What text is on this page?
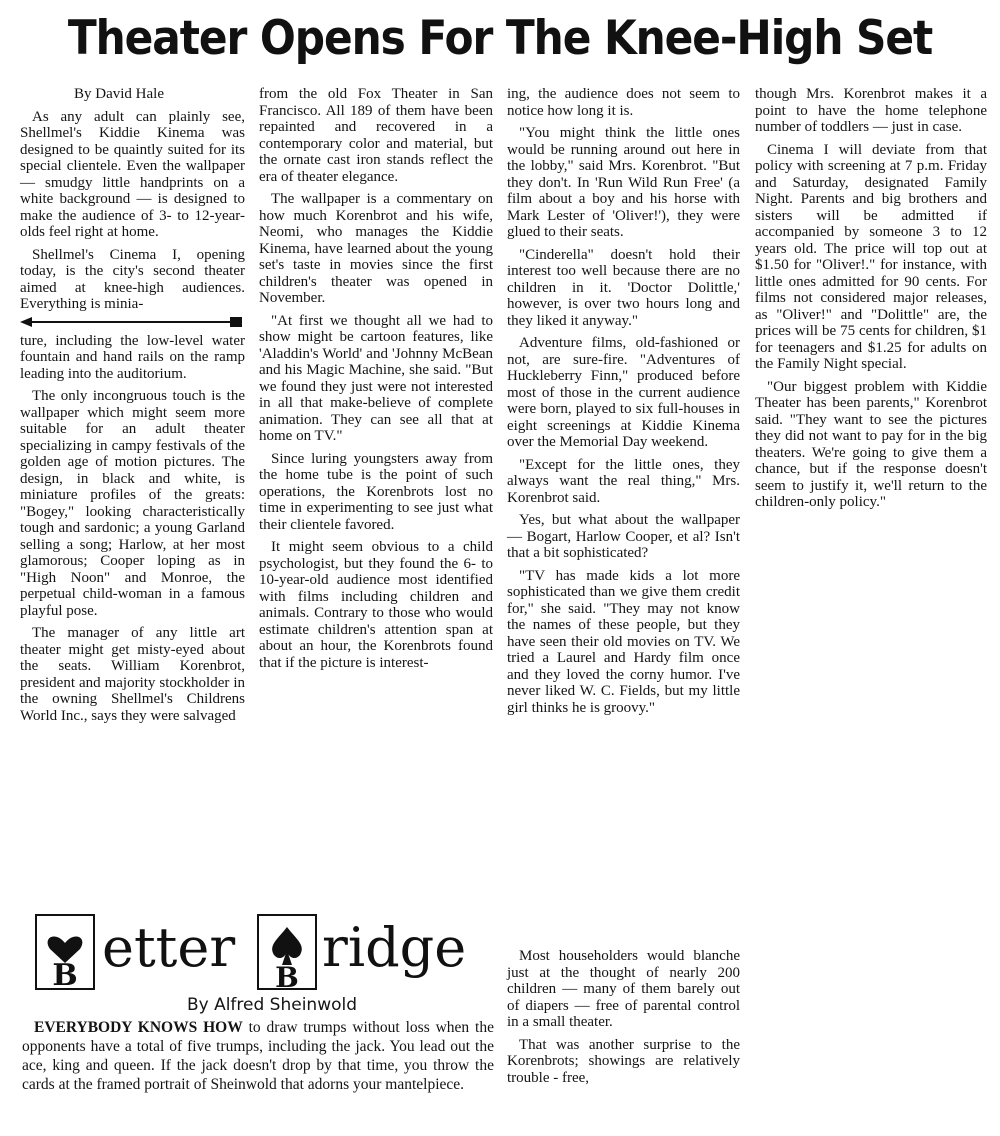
Theater Opens For The Knee-High Set

By David Hale

As any adult can plainly see, Shellmel's Kiddie Kinema was designed to be quaintly suited for its special clientele. Even the wallpaper — smudgy little handprints on a white background — is designed to make the audience of 3- to 12-year-olds feel right at home.

Shellmel's Cinema I, opening today, is the city's second theater aimed at knee-high audiences. Everything is minia-

ture, including the low-level water fountain and hand rails on the ramp leading into the auditorium.

The only incongruous touch is the wallpaper which might seem more suitable for an adult theater specializing in campy festivals of the golden age of motion pictures. The design, in black and white, is miniature profiles of the greats: "Bogey," looking characteristically tough and sardonic; a young Garland selling a song; Harlow, at her most glamorous; Cooper loping as in "High Noon" and Monroe, the perpetual child-woman in a famous playful pose.

The manager of any little art theater might get misty-eyed about the seats. William Korenbrot, president and majority stockholder in the owning Shellmel's Childrens World Inc., says they were salvaged

from the old Fox Theater in San Francisco. All 189 of them have been repainted and recovered in a contemporary color and material, but the ornate cast iron stands reflect the era of theater elegance.

The wallpaper is a commentary on how much Korenbrot and his wife, Neomi, who manages the Kiddie Kinema, have learned about the young set's taste in movies since the first children's theater was opened in November.

"At first we thought all we had to show might be cartoon features, like 'Aladdin's World' and 'Johnny McBean and his Magic Machine, she said. "But we found they just were not interested in all that make-believe of complete animation. They can see all that at home on TV."

Since luring youngsters away from the home tube is the point of such operations, the Korenbrots lost no time in experimenting to see just what their clientele favored.

It might seem obvious to a child psychologist, but they found the 6- to 10-year-old audience most identified with films including children and animals. Contrary to those who would estimate children's attention span at about an hour, the Korenbrots found that if the picture is interest-

ing, the audience does not seem to notice how long it is.

"You might think the little ones would be running around out here in the lobby," said Mrs. Korenbrot. "But they don't. In 'Run Wild Run Free' (a film about a boy and his horse with Mark Lester of 'Oliver!'), they were glued to their seats.

"Cinderella" doesn't hold their interest too well because there are no children in it. 'Doctor Dolittle,' however, is over two hours long and they liked it anyway."

Adventure films, old-fashioned or not, are sure-fire. "Adventures of Huckleberry Finn," produced before most of those in the current audience were born, played to six full-houses in eight screenings at Kiddie Kinema over the Memorial Day weekend.

"Except for the little ones, they always want the real thing," Mrs. Korenbrot said.

Yes, but what about the wallpaper — Bogart, Harlow Cooper, et al? Isn't that a bit sophisticated?

"TV has made kids a lot more sophisticated than we give them credit for," she said. "They may not know the names of these people, but they have seen their old movies on TV. We tried a Laurel and Hardy film once and they loved the corny humor. I've never liked W. C. Fields, but my little girl thinks he is groovy."

Most householders would blanche just at the thought of nearly 200 children — many of them barely out of diapers — free of parental control in a small theater.

That was another surprise to the Korenbrots; showings are relatively trouble - free,

though Mrs. Korenbrot makes it a point to have the home telephone number of toddlers — just in case.

Cinema I will deviate from that policy with screening at 7 p.m. Friday and Saturday, designated Family Night. Parents and big brothers and sisters will be admitted if accompanied by someone 3 to 12 years old. The price will top out at $1.50 for "Oliver!." for instance, with little ones admitted for 90 cents. For films not considered major releases, as "Oliver!" and "Dolittle" are, the prices will be 75 cents for children, $1 for teenagers and $1.25 for adults on the Family Night special.

"Our biggest problem with Kiddie Theater has been parents," Korenbrot said. "They want to see the pictures they did not want to pay for in the big theaters. We're going to give them a chance, but if the response doesn't seem to justify it, we'll return to the children-only policy."

B etter B ridge
By Alfred Sheinwold

EVERYBODY KNOWS HOW to draw trumps without loss when the opponents have a total of five trumps, including the jack. You lead out the ace, king and queen. If the jack doesn't drop by that time, you throw the cards at the framed portrait of Sheinwold that adorns your mantelpiece.
